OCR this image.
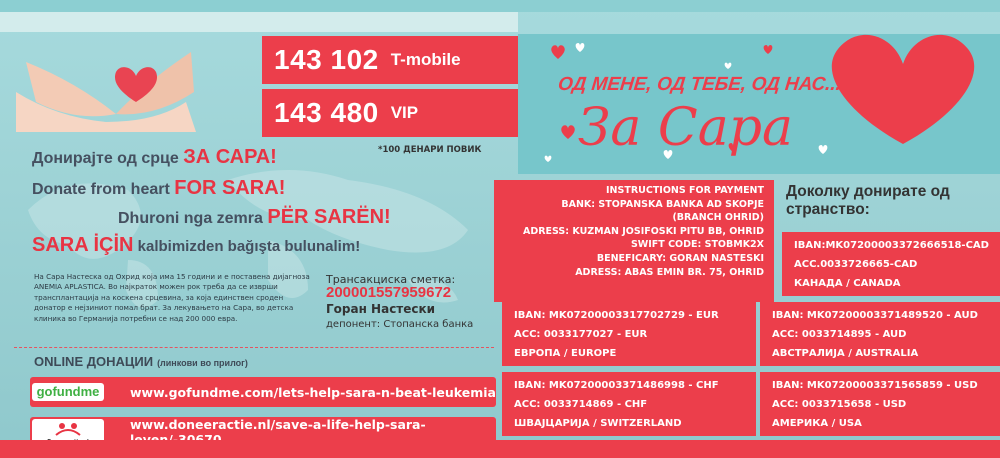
143 102 T-mobile
143 480 VIP
*100 ДЕНАРИ ПОВИК
Донирајте од срце ЗА САРА!
Donate from heart FOR SARA!
Dhuroni nga zemra PËR SARËN!
SARA İÇİN kalbimizden bağışta bulunalim!
На Сара Настеска од Охрид која има 15 години и е поставена дијагноза ANEMIA APLASTICA. Во најкраток можен рок треба да се изврши трансплантација на коскена срцевина, за која единствен сроден донатор е нејзиниот помал брат. За лекувањето на Сара, во детска клиника во Германија потребни се над 200 000 евра.
Трансакциска сметка:
200001557959672
Горан Настески
депонент: Стопанска банка
ONLINE ДОНАЦИИ (линкови во прилог)
gofundme	www.gofundme.com/lets-help-sara-n-beat-leukemia
www.doneeractie.nl/save-a-life-help-sara-
ОД МЕНЕ, ОД ТЕБЕ, ОД НАС...
За Сара
INSTRUCTIONS FOR PAYMENT
BANK: STOPANSKA BANKA AD SKOPJE
(BRANCH OHRID)
ADRESS: KUZMAN JOSIFOSKI PITU BB, OHRID
SWIFT CODE: STOBMK2X
BENEFICARY: GORAN NASTESKI
ADRESS: ABAS EMIN BR. 75, OHRID
Доколку донирате од странство:
IBAN:MK07200003372666518-CAD
ACC.0033726665-CAD
КАНАДА / CANADA
IBAN: MK07200003317702729 - EUR
ACC: 0033177027 - EUR
ЕВРОПА / EUROPE
IBAN: MK07200003371489520 - AUD
ACC: 0033714895 - AUD
АВСТРАЛИЈА / AUSTRALIA
IBAN: MK07200003371486998 - CHF
ACC: 0033714869 - CHF
ШВАЈЦАРИЈА / SWITZERLAND
IBAN: MK07200003371565859 - USD
ACC: 0033715658 - USD
АМЕРИКА / USA
